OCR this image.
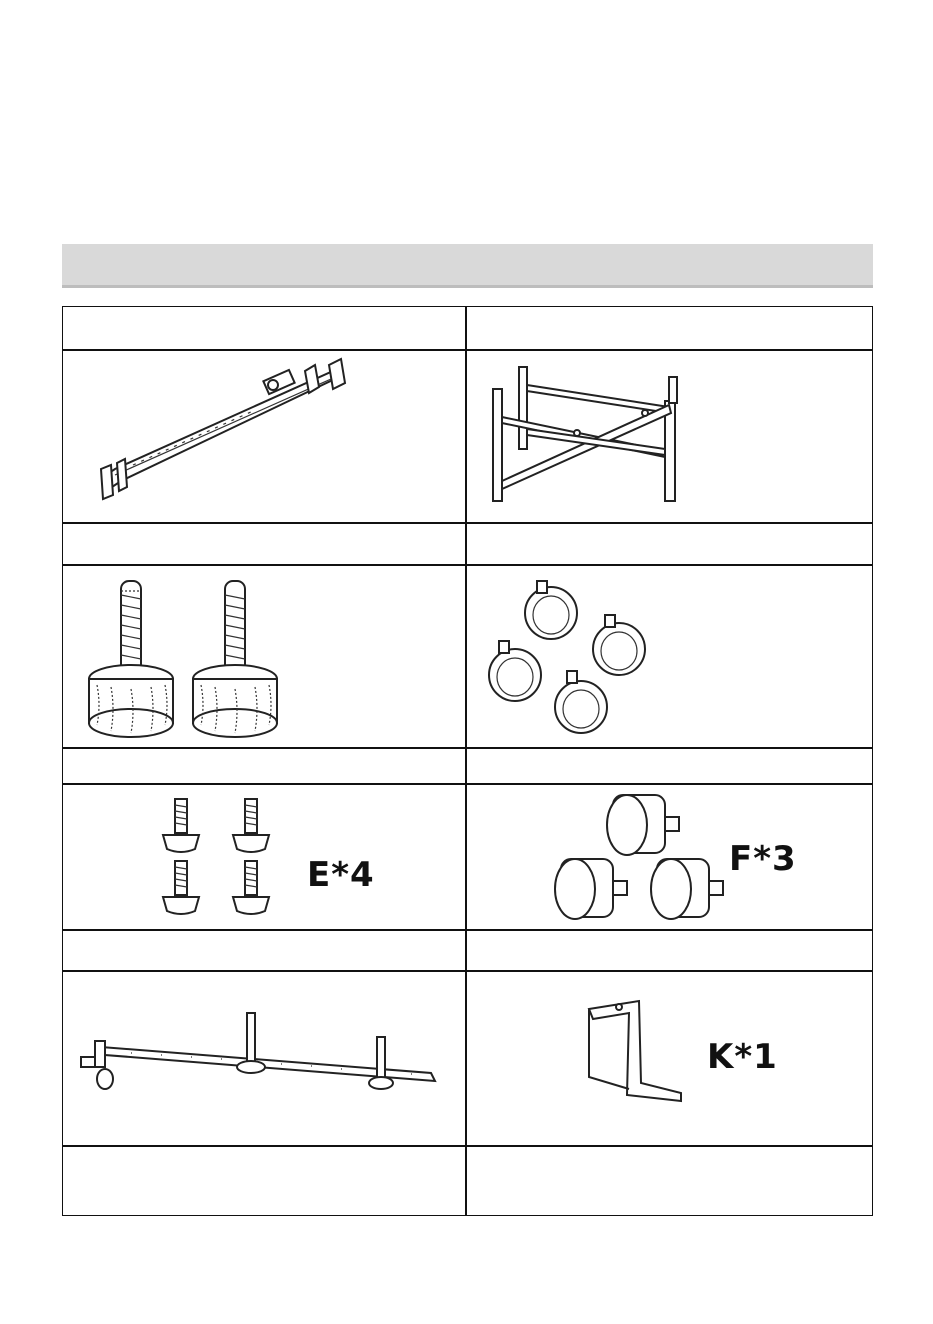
E*4	F*3
K*1
